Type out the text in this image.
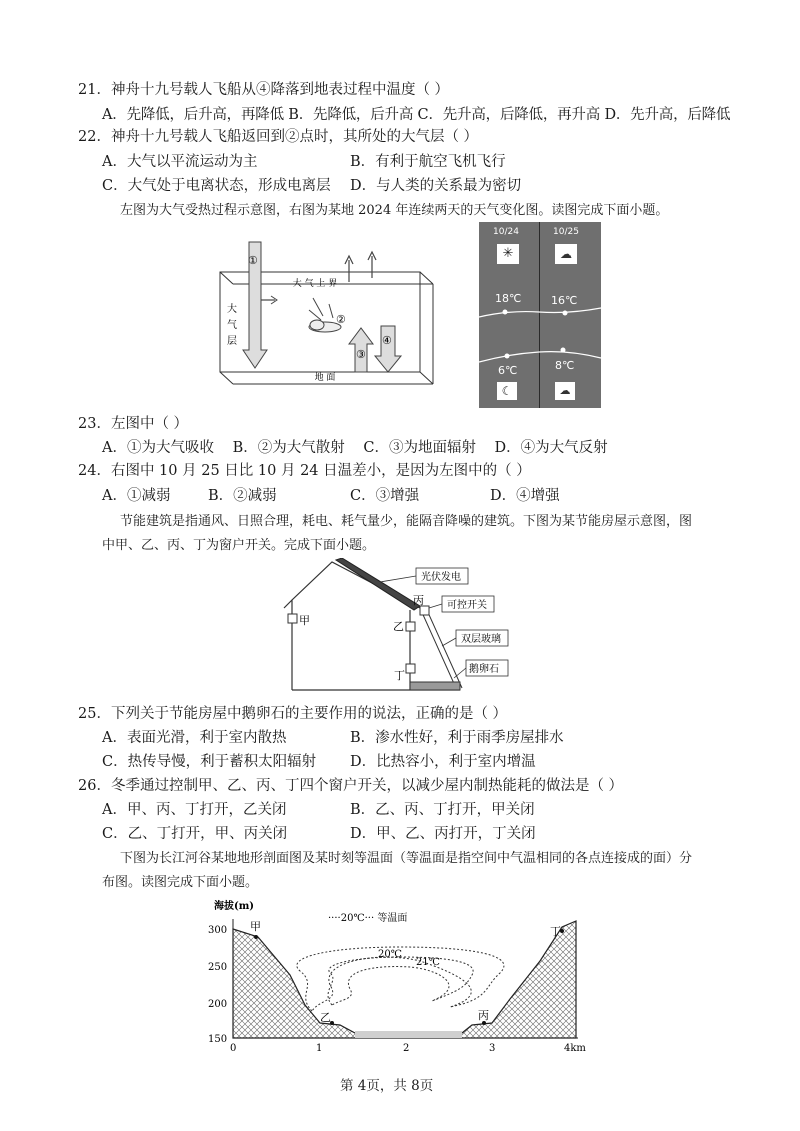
21．神舟十九号载人飞船从④降落到地表过程中温度（ ）
A．先降低，后升高，再降低 B．先降低，后升高 C．先升高，后降低，再升高 D．先升高，后降低
22．神舟十九号载人飞船返回到②点时，其所处的大气层（ ）
A．大气以平流运动为主	B．有利于航空飞机飞行
C．大气处于电离状态，形成电离层 D．与人类的关系最为密切
左图为大气受热过程示意图，右图为某地 2024 年连续两天的天气变化图。读图完成下面小题。
地 面
大 气 上 界
大
气
层
①
②
③
④
10/24	10/25
✳	☁
18℃	16℃
6℃	8℃
☾	☁
23．左图中（ ）
A．①为大气吸收 B．②为大气散射 C．③为地面辐射 D．④为大气反射
24．右图中 10 月 25 日比 10 月 24 日温差小，是因为左图中的（ ）
A．①减弱	B．②减弱	C．③增强	D．④增强
节能建筑是指通风、日照合理，耗电、耗气量少，能隔音降噪的建筑。下图为某节能房屋示意图，图
中甲、乙、丙、丁为窗户开关。完成下面小题。
甲	乙
丙
丁
光伏发电
可控开关
双层玻璃
鹅卵石
25．下列关于节能房屋中鹅卵石的主要作用的说法，正确的是（ ）
A．表面光滑，利于室内散热	B．渗水性好，利于雨季房屋排水
C．热传导慢，利于蓄积太阳辐射 D．比热容小，利于室内增温
26．冬季通过控制甲、乙、丙、丁四个窗户开关，以减少屋内制热能耗的做法是（ ）
A．甲、丙、丁打开，乙关闭	B．乙、丙、丁打开，甲关闭
C．乙、丁打开，甲、丙关闭	D．甲、乙、丙打开，丁关闭
下图为长江河谷某地地形剖面图及某时刻等温面（等温面是指空间中气温相同的各点连接成的面）分
布图。读图完成下面小题。
海拔(m)
····20℃··· 等温面
300
250
200
150
0	1	2	3	4km
20℃
21℃
甲
乙	丙
丁
第 4页，共 8页
